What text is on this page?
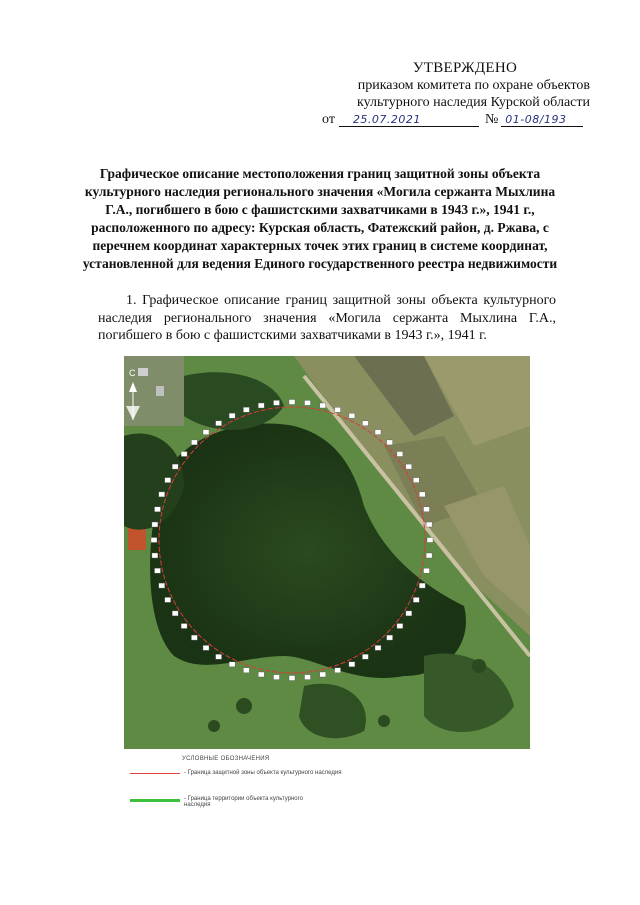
УТВЕРЖДЕНО
приказом комитета по охране объектов
культурного наследия Курской области
от	25.07.2021	№ 01-08/193
Графическое описание местоположения границ защитной зоны объекта культурного наследия регионального значения «Могила сержанта Мыхлина Г.А., погибшего в бою с фашистскими захватчиками в 1943 г.», 1941 г., расположенного по адресу: Курская область, Фатежский район, д. Ржава, с перечнем координат характерных точек этих границ в системе координат, установленной для ведения Единого государственного реестра недвижимости
1. Графическое описание границ защитной зоны объекта культурного наследия регионального значения «Могила сержанта Мыхлина Г.А., погибшего в бою с фашистскими захватчиками в 1943 г.», 1941 г.
С
УСЛОВНЫЕ ОБОЗНАЧЕНИЯ
- Граница защитной зоны объекта культурного наследия
- Граница территории объекта культурного наследия
